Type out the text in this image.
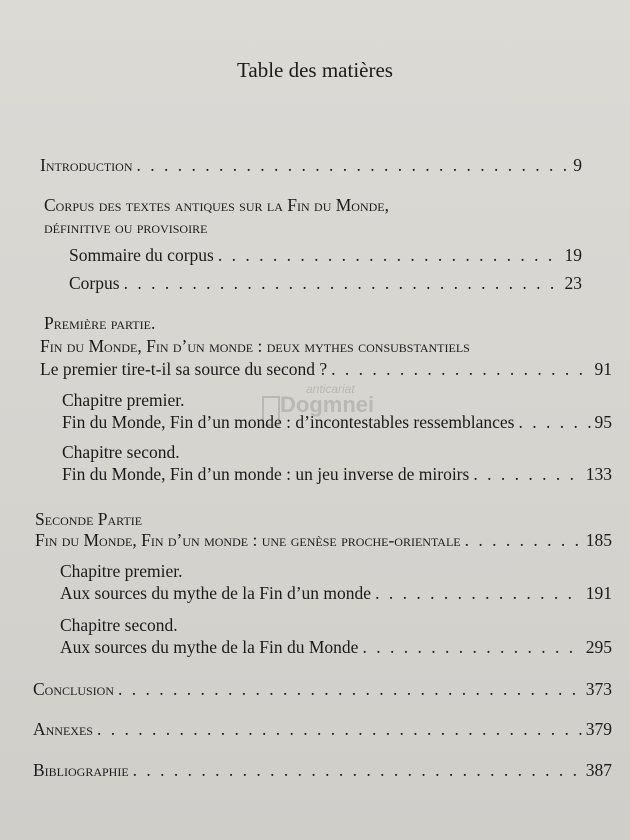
Table des matières
anticariat
Dogmnei
Introduction . . .	9
Corpus des textes antiques sur la Fin du Monde,
définitive ou provisoire
Sommaire du corpus . . .	19
Corpus . . .	23
Première partie.
Fin du Monde, Fin d’un monde : deux mythes consubstantiels
Le premier tire-t-il sa source du second ? . . .	91
Chapitre premier.
Fin du Monde, Fin d’un monde : d’incontestables ressemblances . . .	95
Chapitre second.
Fin du Monde, Fin d’un monde : un jeu inverse de miroirs . . .	133
Seconde Partie
Fin du Monde, Fin d’un monde : une genèse proche-orientale . . .	185
Chapitre premier.
Aux sources du mythe de la Fin d’un monde . . .	191
Chapitre second.
Aux sources du mythe de la Fin du Monde . . .	295
Conclusion . . .	373
Annexes . . .	379
Bibliographie . . .	387
